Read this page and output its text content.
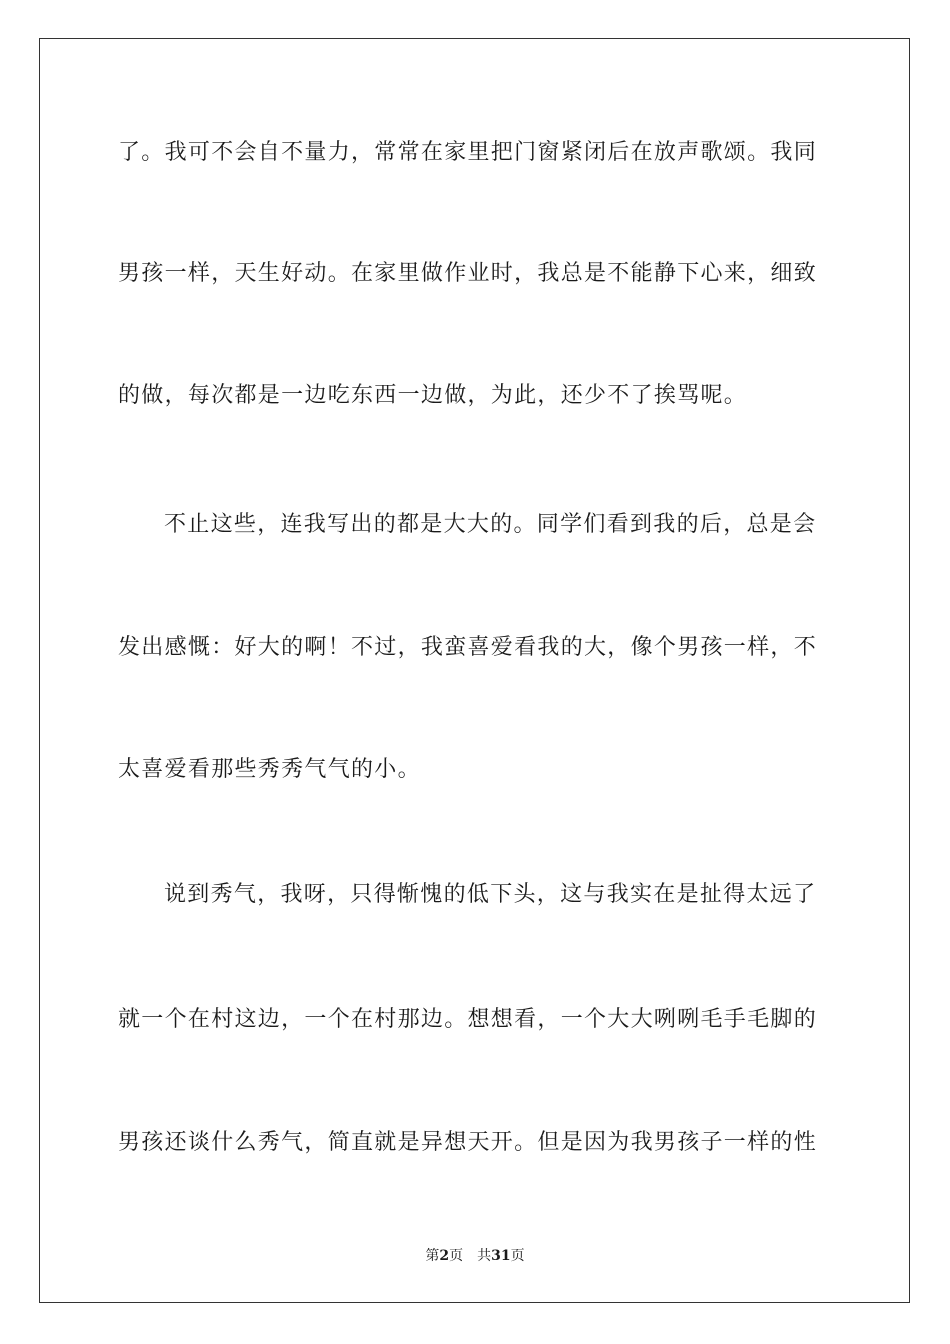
了。我可不会自不量力，常常在家里把门窗紧闭后在放声歌颂。我同
男孩一样，天生好动。在家里做作业时，我总是不能静下心来，细致
的做，每次都是一边吃东西一边做，为此，还少不了挨骂呢。
不止这些，连我写出的都是大大的。同学们看到我的后，总是会
发出感慨：好大的啊！不过，我蛮喜爱看我的大，像个男孩一样，不
太喜爱看那些秀秀气气的小。
说到秀气，我呀，只得惭愧的低下头，这与我实在是扯得太远了
就一个在村这边，一个在村那边。想想看，一个大大咧咧毛手毛脚的
男孩还谈什么秀气，简直就是异想天开。但是因为我男孩子一样的性
第2页 共31页
